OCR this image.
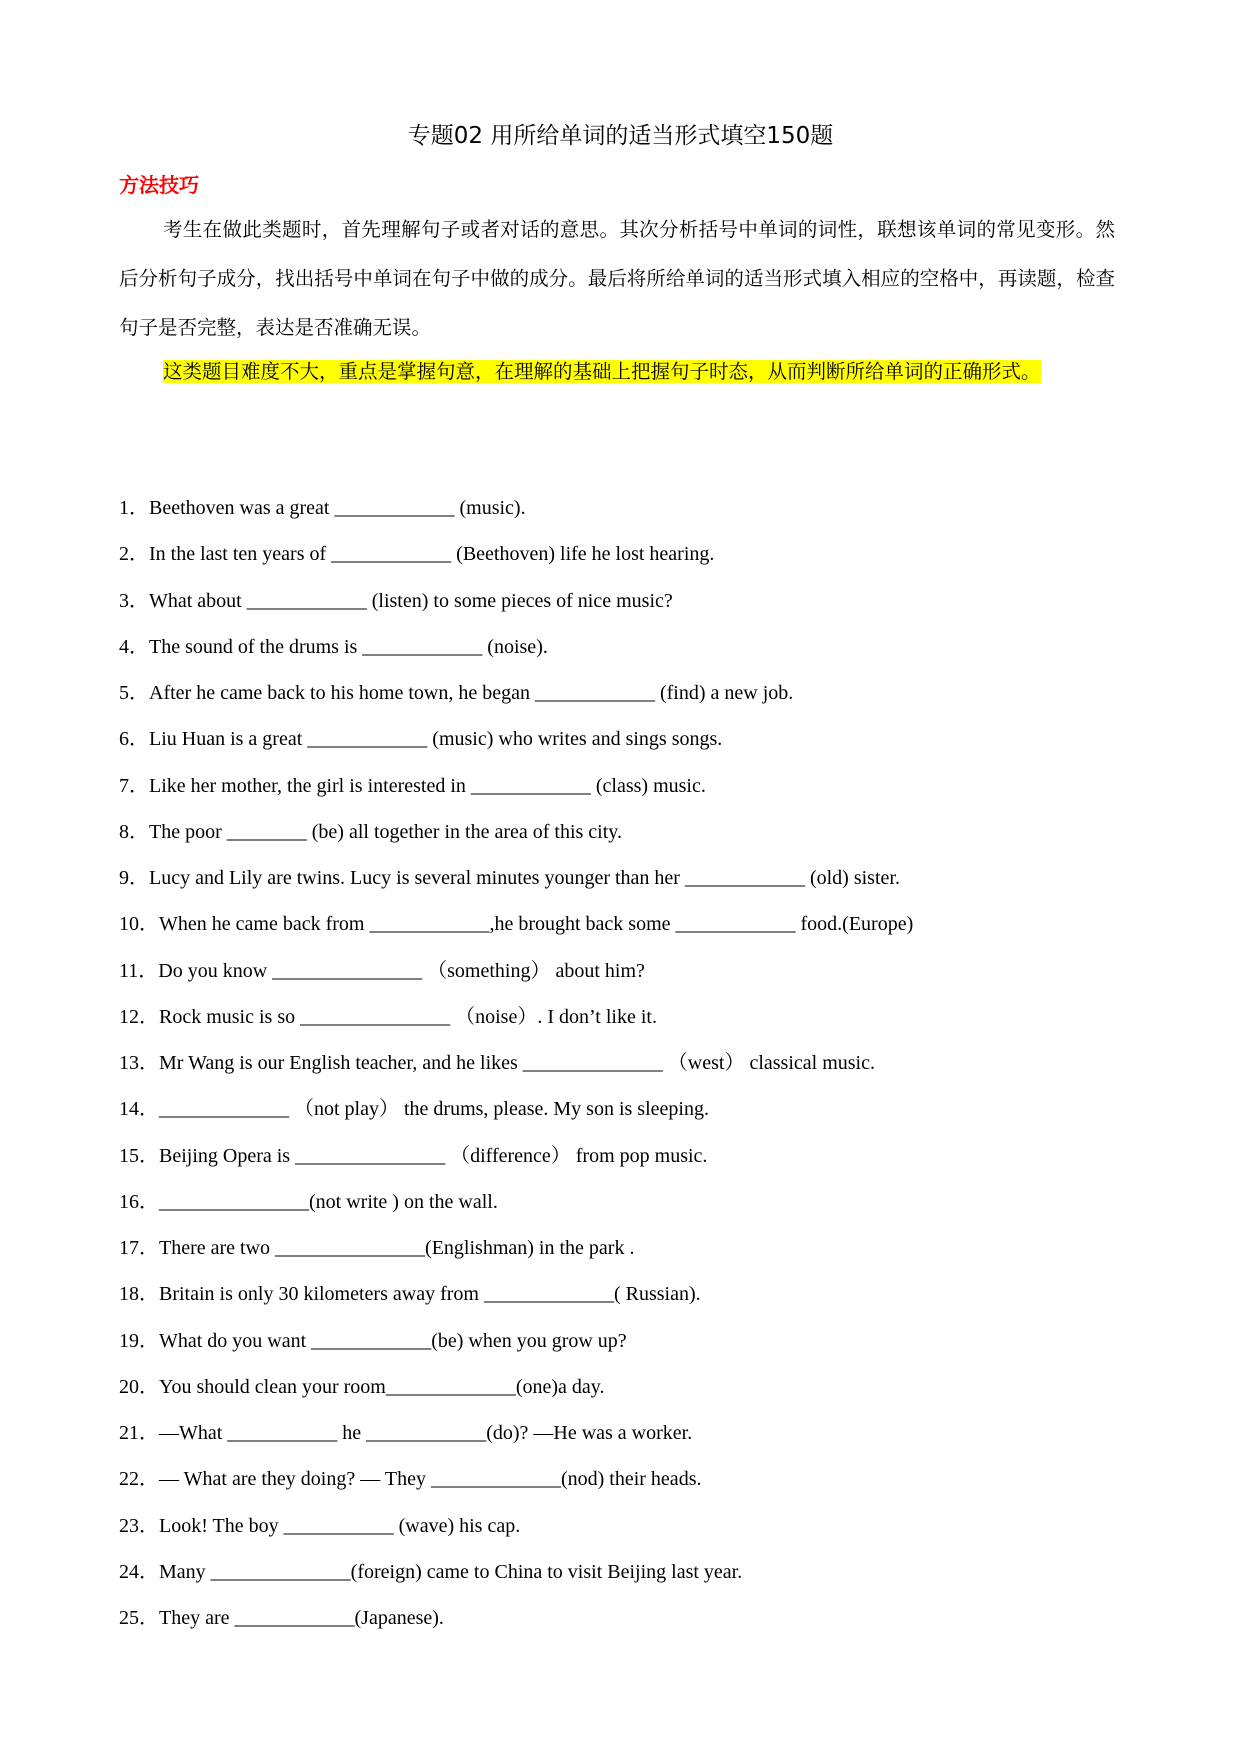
专题02 用所给单词的适当形式填空150题
方法技巧

考生在做此类题时，首先理解句子或者对话的意思。其次分析括号中单词的词性，联想该单词的常见变形。然后分析句子成分，找出括号中单词在句子中做的成分。最后将所给单词的适当形式填入相应的空格中，再读题，检查句子是否完整，表达是否准确无误。

这类题目难度不大，重点是掌握句意，在理解的基础上把握句子时态，从而判断所给单词的正确形式。

1．Beethoven was a great ____________ (music).
2．In the last ten years of ____________ (Beethoven) life he lost hearing.
3．What about ____________ (listen) to some pieces of nice music?
4．The sound of the drums is ____________ (noise).
5．After he came back to his home town, he began ____________ (find) a new job.
6．Liu Huan is a great ____________ (music) who writes and sings songs.
7．Like her mother, the girl is interested in ____________ (class) music.
8．The poor ________ (be) all together in the area of this city.
9．Lucy and Lily are twins. Lucy is several minutes younger than her ____________ (old) sister.
10．When he came back from ____________,he brought back some ____________ food.(Europe)
11．Do you know _______________ （something） about him?
12．Rock music is so _______________ （noise）. I don’t like it.
13．Mr Wang is our English teacher, and he likes ______________ （west） classical music.
14．_____________ （not play） the drums, please. My son is sleeping.
15．Beijing Opera is _______________ （difference） from pop music.
16．_______________(not write ) on the wall.
17．There are two _______________(Englishman) in the park .
18．Britain is only 30 kilometers away from _____________( Russian).
19．What do you want ____________(be) when you grow up?
20．You should clean your room_____________(one)a day.
21．—What ___________ he ____________(do)? —He was a worker.
22．— What are they doing? — They _____________(nod) their heads.
23．Look! The boy ___________ (wave) his cap.
24．Many ______________(foreign) came to China to visit Beijing last year.
25．They are ____________(Japanese).
